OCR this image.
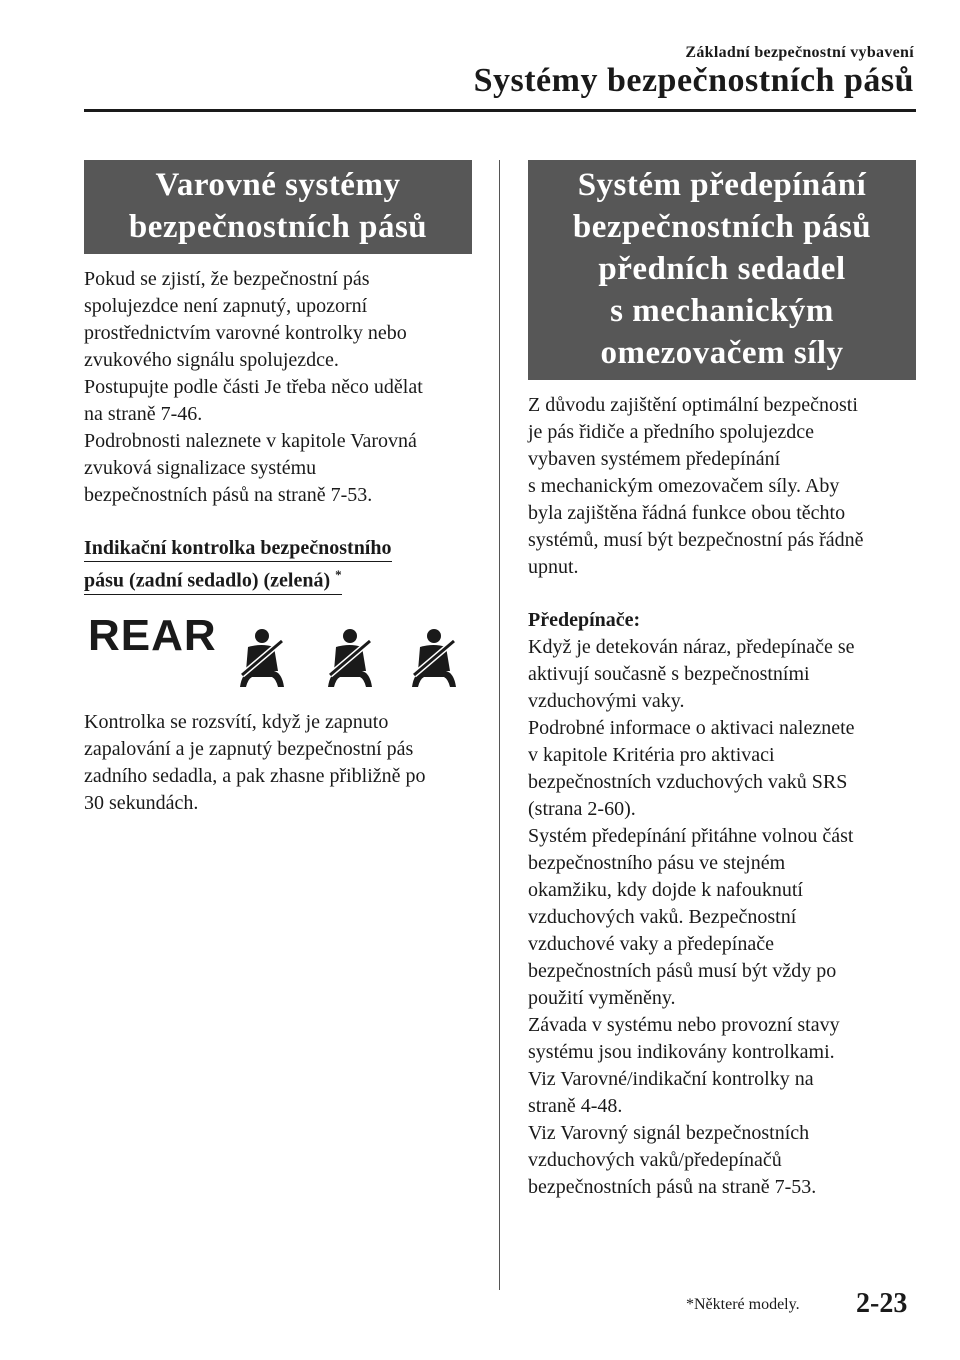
Základní bezpečnostní vybavení
Systémy bezpečnostních pásů
Varovné systémy
bezpečnostních pásů

Pokud se zjistí, že bezpečnostní pás
spolujezdce není zapnutý, upozorní
prostřednictvím varovné kontrolky nebo
zvukového signálu spolujezdce.
Postupujte podle části Je třeba něco udělat
na straně 7-46.
Podrobnosti naleznete v kapitole Varovná
zvuková signalizace systému
bezpečnostních pásů na straně 7-53.

Indikační kontrolka bezpečnostního
pásu (zadní sedadlo) (zelená) *

REAR

Kontrolka se rozsvítí, když je zapnuto
zapalování a je zapnutý bezpečnostní pás
zadního sedadla, a pak zhasne přibližně po
30 sekundách.

Systém předepínání
bezpečnostních pásů
předních sedadel
s mechanickým
omezovačem síly

Z důvodu zajištění optimální bezpečnosti
je pás řidiče a předního spolujezdce
vybaven systémem předepínání
s mechanickým omezovačem síly. Aby
byla zajištěna řádná funkce obou těchto
systémů, musí být bezpečnostní pás řádně
upnut.

Předepínače:

Když je detekován náraz, předepínače se
aktivují současně s bezpečnostními
vzduchovými vaky.
Podrobné informace o aktivaci naleznete
v kapitole Kritéria pro aktivaci
bezpečnostních vzduchových vaků SRS
(strana 2-60).
Systém předepínání přitáhne volnou část
bezpečnostního pásu ve stejném
okamžiku, kdy dojde k nafouknutí
vzduchových vaků. Bezpečnostní
vzduchové vaky a předepínače
bezpečnostních pásů musí být vždy po
použití vyměněny.
Závada v systému nebo provozní stavy
systému jsou indikovány kontrolkami.
Viz Varovné/indikační kontrolky na
straně 4-48.
Viz Varovný signál bezpečnostních
vzduchových vaků/předepínačů
bezpečnostních pásů na straně 7-53.

*Některé modely. 2-23
